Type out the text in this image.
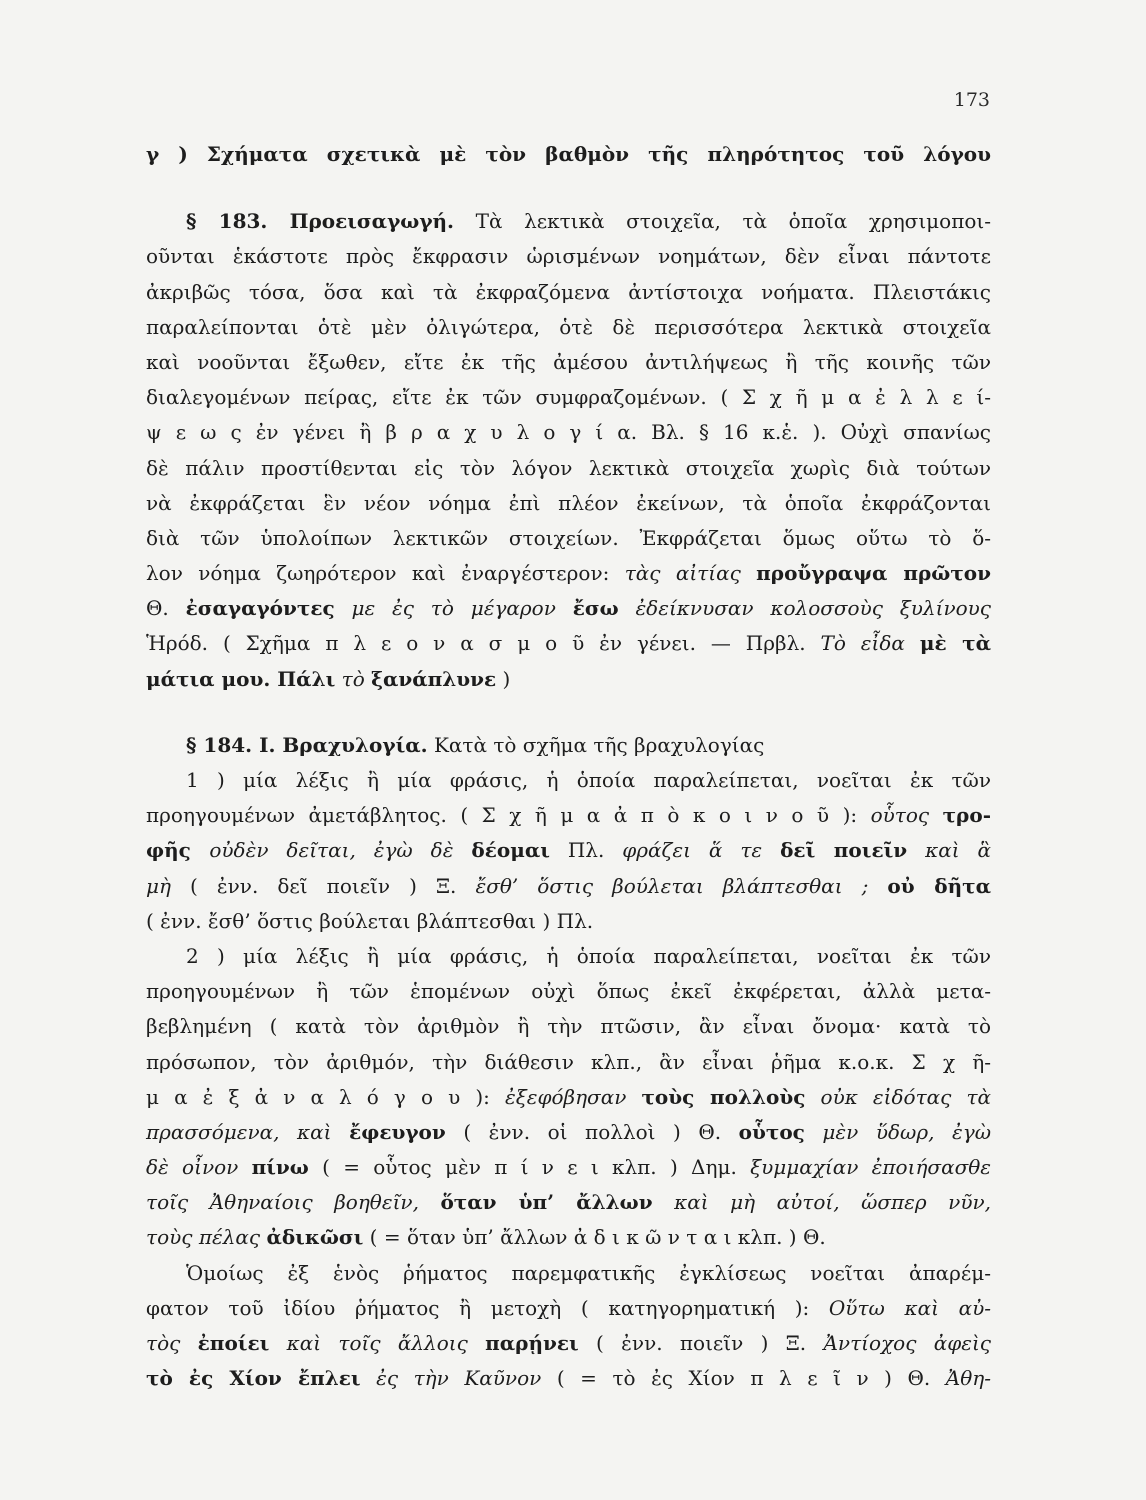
173
γ ) Σχήματα σχετικὰ μὲ τὸν βαθμὸν τῆς πληρότητος τοῦ λόγου
§ 183. Προεισαγωγή. Τὰ λεκτικὰ στοιχεῖα, τὰ ὁποῖα χρησιμοποι-
οῦνται ἑκάστοτε πρὸς ἔκφρασιν ὡρισμένων νοημάτων, δὲν εἶναι πάντοτε
ἀκριβῶς τόσα, ὅσα καὶ τὰ ἐκφραζόμενα ἀντίστοιχα νοήματα. Πλειστάκις
παραλείπονται ὁτὲ μὲν ὀλιγώτερα, ὁτὲ δὲ περισσότερα λεκτικὰ στοιχεῖα
καὶ νοοῦνται ἔξωθεν, εἴτε ἐκ τῆς ἀμέσου ἀντιλήψεως ἢ τῆς κοινῆς τῶν
διαλεγομένων πείρας, εἴτε ἐκ τῶν συμφραζομένων. ( Σ χ ῆ μ α ἐ λ λ ε ί-
ψ ε ω ς ἐν γένει ἢ β ρ α χ υ λ ο γ ί α. Βλ. § 16 κ.ἑ. ). Οὐχὶ σπανίως
δὲ πάλιν προστίθενται εἰς τὸν λόγον λεκτικὰ στοιχεῖα χωρὶς διὰ τούτων
νὰ ἐκφράζεται ἓν νέον νόημα ἐπὶ πλέον ἐκείνων, τὰ ὁποῖα ἐκφράζονται
διὰ τῶν ὑπολοίπων λεκτικῶν στοιχείων. Ἐκφράζεται ὅμως οὕτω τὸ ὅ-
λον νόημα ζωηρότερον καὶ ἐναργέστερον: τὰς αἰτίας προὔγραψα πρῶτον
Θ. ἐσαγαγόντες με ἐς τὸ μέγαρον ἔσω ἐδείκνυσαν κολοσσοὺς ξυλίνους
Ἡρόδ. ( Σχῆμα π λ ε ο ν α σ μ ο ῦ ἐν γένει. — Πρβλ. Τὸ εἶδα μὲ τὰ
μάτια μου. Πάλι τὸ ξανάπλυνε )
§ 184. I. Βραχυλογία. Κατὰ τὸ σχῆμα τῆς βραχυλογίας
1 ) μία λέξις ἢ μία φράσις, ἡ ὁποία παραλείπεται, νοεῖται ἐκ τῶν
προηγουμένων ἀμετάβλητος. ( Σ χ ῆ μ α ἀ π ὸ κ ο ι ν ο ῦ ): οὗτος τρο-
φῆς οὐδὲν δεῖται, ἐγὼ δὲ δέομαι Πλ. φράζει ἅ τε δεῖ ποιεῖν καὶ ἃ
μὴ ( ἐνν. δεῖ ποιεῖν ) Ξ. ἔσθ’ ὅστις βούλεται βλάπτεσθαι ; οὐ δῆτα
( ἐνν. ἔσθ’ ὅστις βούλεται βλάπτεσθαι ) Πλ.
2 ) μία λέξις ἢ μία φράσις, ἡ ὁποία παραλείπεται, νοεῖται ἐκ τῶν
προηγουμένων ἢ τῶν ἑπομένων οὐχὶ ὅπως ἐκεῖ ἐκφέρεται, ἀλλὰ μετα-
βεβλημένη ( κατὰ τὸν ἀριθμὸν ἢ τὴν πτῶσιν, ἂν εἶναι ὄνομα· κατὰ τὸ
πρόσωπον, τὸν ἀριθμόν, τὴν διάθεσιν κλπ., ἂν εἶναι ῥῆμα κ.ο.κ. Σ χ ῆ-
μ α ἐ ξ ἀ ν α λ ό γ ο υ ): ἐξεφόβησαν τοὺς πολλοὺς οὐκ εἰδότας τὰ
πρασσόμενα, καὶ ἔφευγον ( ἐνν. οἱ πολλοὶ ) Θ. οὗτος μὲν ὕδωρ, ἐγὼ
δὲ οἶνον πίνω ( = οὗτος μὲν π ί ν ε ι κλπ. ) Δημ. ξυμμαχίαν ἐποιήσασθε
τοῖς Ἀθηναίοις βοηθεῖν, ὅταν ὑπ’ ἄλλων καὶ μὴ αὐτοί, ὥσπερ νῦν,
τοὺς πέλας ἀδικῶσι ( = ὅταν ὑπ’ ἄλλων ἀ δ ι κ ῶ ν τ α ι κλπ. ) Θ.
Ὁμοίως ἐξ ἑνὸς ῥήματος παρεμφατικῆς ἐγκλίσεως νοεῖται ἀπαρέμ-
φατον τοῦ ἰδίου ῥήματος ἢ μετοχὴ ( κατηγορηματική ): Οὕτω καὶ αὐ-
τὸς ἐποίει καὶ τοῖς ἄλλοις παρῄνει ( ἐνν. ποιεῖν ) Ξ. Ἀντίοχος ἀφεὶς
τὸ ἐς Χίον ἔπλει ἐς τὴν Καῦνον ( = τὸ ἐς Χίον π λ ε ῖ ν ) Θ. Ἀθη-
